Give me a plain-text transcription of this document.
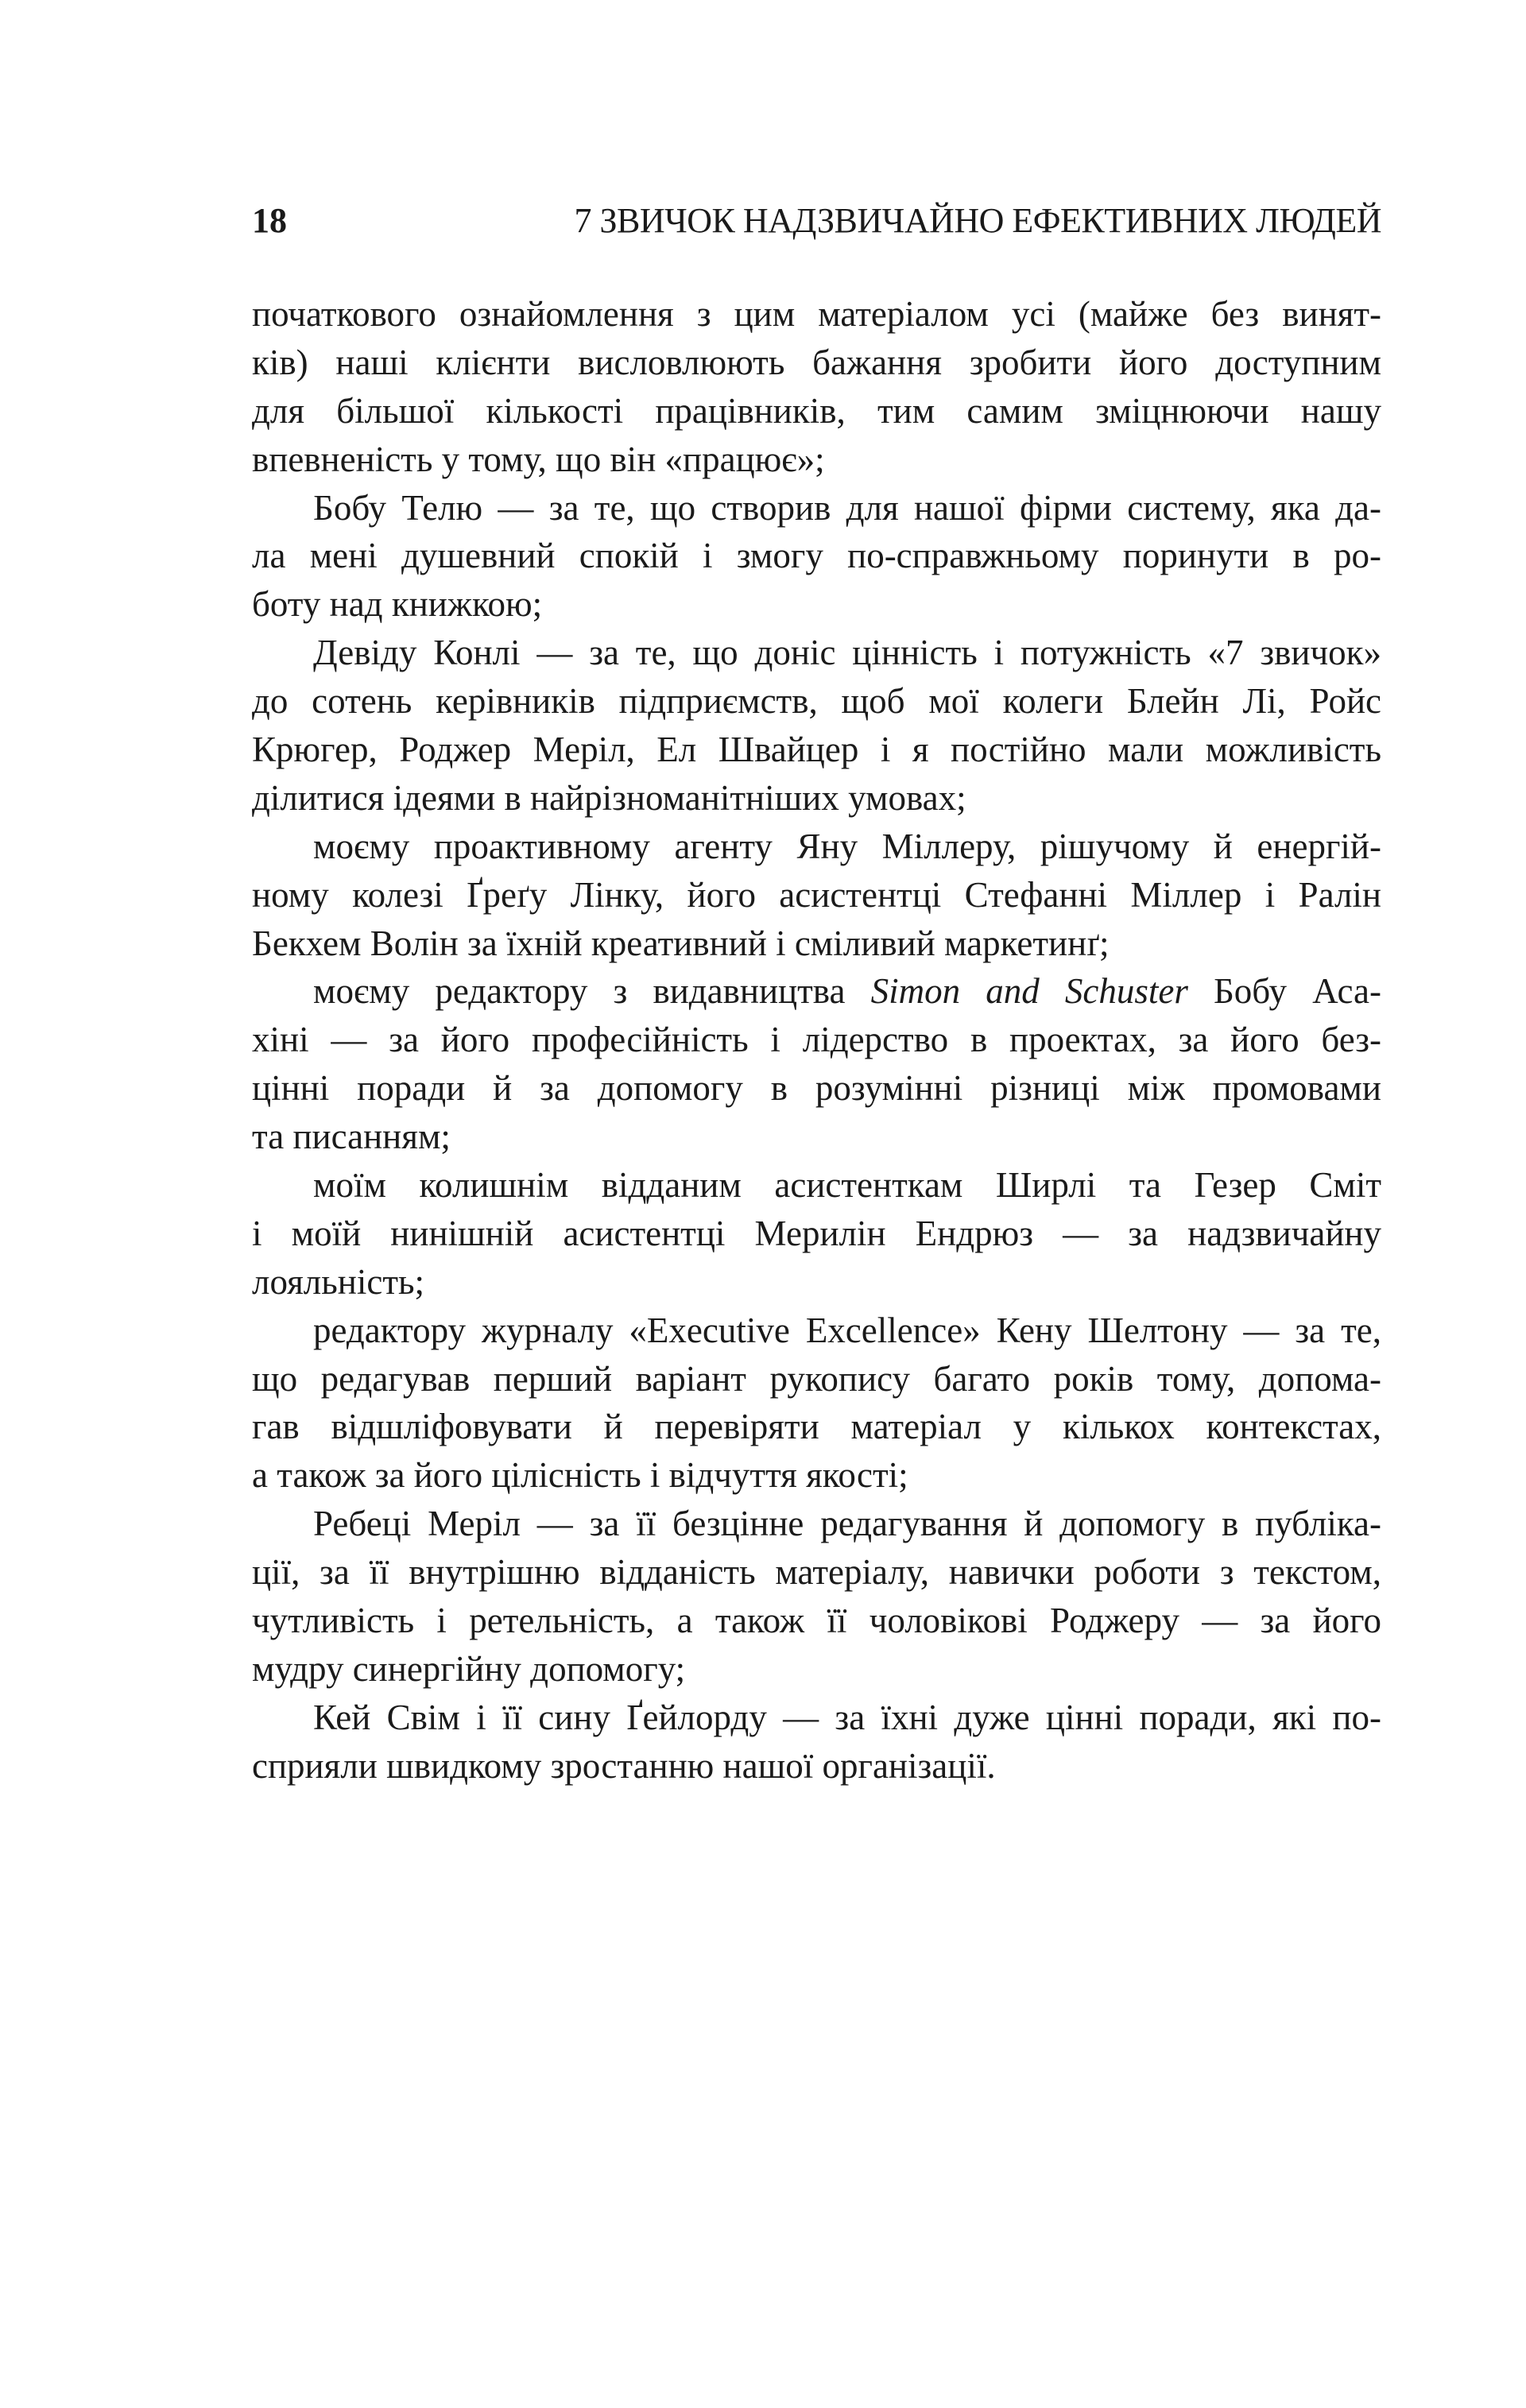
18	7 ЗВИЧОК НАДЗВИЧАЙНО ЕФЕКТИВНИХ ЛЮДЕЙ
початкового ознайомлення з цим матеріалом усі (майже без винят-
ків) наші клієнти висловлюють бажання зробити його доступним
для більшої кількості працівників, тим самим зміцнюючи нашу
впевненість у тому, що він «працює»;
Бобу Телю — за те, що створив для нашої фірми систему, яка да-
ла мені душевний спокій і змогу по-справжньому поринути в ро-
боту над книжкою;
Девіду Конлі — за те, що доніс цінність і потужність «7 звичок»
до сотень керівників підприємств, щоб мої колеги Блейн Лі, Ройс
Крюгер, Роджер Меріл, Ел Швайцер і я постійно мали можливість
ділитися ідеями в найрізноманітніших умовах;
моєму проактивному агенту Яну Міллеру, рішучому й енергій-
ному колезі Ґреґу Лінку, його асистентці Стефанні Міллер і Ралін
Бекхем Волін за їхній креативний і сміливий маркетинґ;
моєму редактору з видавництва Simon and Schuster Бобу Аса-
хіні — за його професійність і лідерство в проектах, за його без-
цінні поради й за допомогу в розумінні різниці між промовами
та писанням;
моїм колишнім відданим асистенткам Ширлі та Гезер Сміт
і моїй нинішній асистентці Мерилін Ендрюз — за надзвичайну
лояльність;
редактору журналу «Executive Excellence» Кену Шелтону — за те,
що редагував перший варіант рукопису багато років тому, допома-
гав відшліфовувати й перевіряти матеріал у кількох контекстах,
а також за його цілісність і відчуття якості;
Ребеці Меріл — за її безцінне редагування й допомогу в публіка-
ції, за її внутрішню відданість матеріалу, навички роботи з текстом,
чутливість і ретельність, а також її чоловікові Роджеру — за його
мудру синергійну допомогу;
Кей Свім і її сину Ґейлорду — за їхні дуже цінні поради, які по-
сприяли швидкому зростанню нашої організації.
